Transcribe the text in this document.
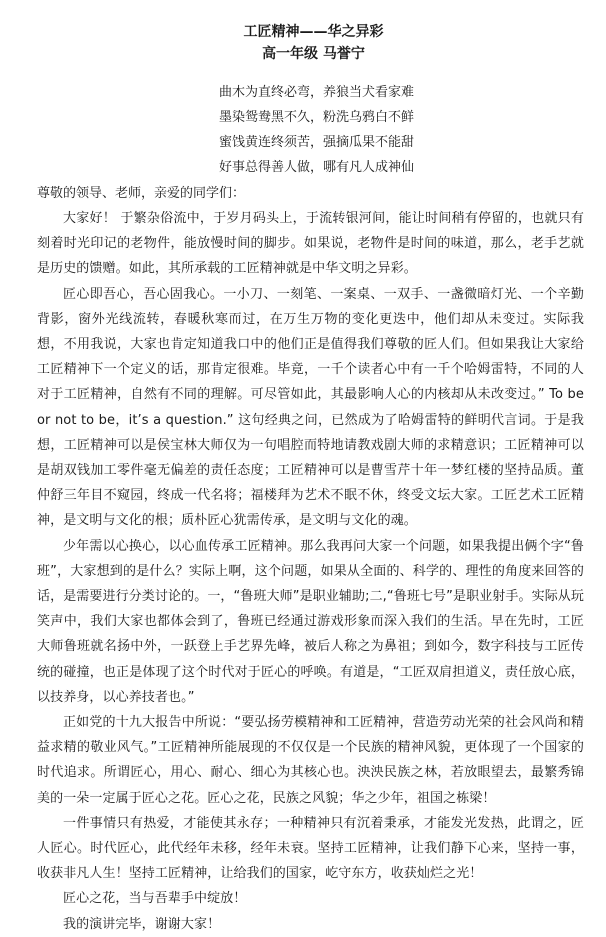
工匠精神——华之异彩
高一年级 马誉宁
曲木为直终必弯，养狼当犬看家难
墨染鸳鸯黑不久，粉洗乌鸦白不鲜
蜜饯黄连终须苦，强摘瓜果不能甜
好事总得善人做，哪有凡人成神仙

尊敬的领导、老师，亲爱的同学们：

大家好！ 于繁杂俗流中，于岁月码头上，于流转银河间，能让时间稍有停留的，也就只有刻着时光印记的老物件，能放慢时间的脚步。如果说，老物件是时间的味道，那么，老手艺就是历史的馈赠。如此，其所承载的工匠精神就是中华文明之异彩。

匠心即吾心，吾心固我心。一小刀、一刻笔、一案桌、一双手、一盏微暗灯光、一个辛勤背影，窗外光线流转，春暖秋寒而过，在万生万物的变化更迭中，他们却从未变过。实际我想，不用我说，大家也肯定知道我口中的他们正是值得我们尊敬的匠人们。但如果我让大家给工匠精神下一个定义的话，那肯定很难。毕竟，一千个读者心中有一千个哈姆雷特，不同的人对于工匠精神，自然有不同的理解。可尽管如此，其最影响人心的内核却从未改变过。” To be or not to be，it’s a question.” 这句经典之问，已然成为了哈姆雷特的鲜明代言词。于是我想，工匠精神可以是侯宝林大师仅为一句唱腔而特地请教戏剧大师的求精意识；工匠精神可以是胡双钱加工零件毫无偏差的责任态度；工匠精神可以是曹雪芹十年一梦红楼的坚持品质。董仲舒三年目不窥园，终成一代名将；福楼拜为艺术不眠不休，终受文坛大家。工匠艺术工匠精神，是文明与文化的根；质朴匠心犹需传承，是文明与文化的魂。

少年需以心换心，以心血传承工匠精神。那么我再问大家一个问题，如果我提出俩个字“鲁班”，大家想到的是什么？实际上啊，这个问题，如果从全面的、科学的、理性的角度来回答的话，是需要进行分类讨论的。一，“鲁班大师”是职业辅助;二,“鲁班七号”是职业射手。实际从玩笑声中，我们大家也都体会到了，鲁班已经通过游戏形象而深入我们的生活。早在先时，工匠大师鲁班就名扬中外，一跃登上手艺界先峰，被后人称之为鼻祖；到如今，数字科技与工匠传统的碰撞，也正是体现了这个时代对于匠心的呼唤。有道是，“工匠双肩担道义，责任放心底，以技养身，以心养技者也。”

正如党的十九大报告中所说：“要弘扬劳模精神和工匠精神，营造劳动光荣的社会风尚和精益求精的敬业风气。”工匠精神所能展现的不仅仅是一个民族的精神风貌，更体现了一个国家的时代追求。所谓匠心，用心、耐心、细心为其核心也。泱泱民族之林，若放眼望去，最繁秀锦美的一朵一定属于匠心之花。匠心之花，民族之风貌；华之少年，祖国之栋梁！

一件事情只有热爱，才能使其永存；一种精神只有沉着秉承，才能发光发热，此谓之，匠人匠心。时代匠心，此代经年未移，经年未衰。坚持工匠精神，让我们静下心来，坚持一事，收获非凡人生！坚持工匠精神，让给我们的国家，屹守东方，收获灿烂之光！

匠心之花，当与吾辈手中绽放！

我的演讲完毕，谢谢大家！
